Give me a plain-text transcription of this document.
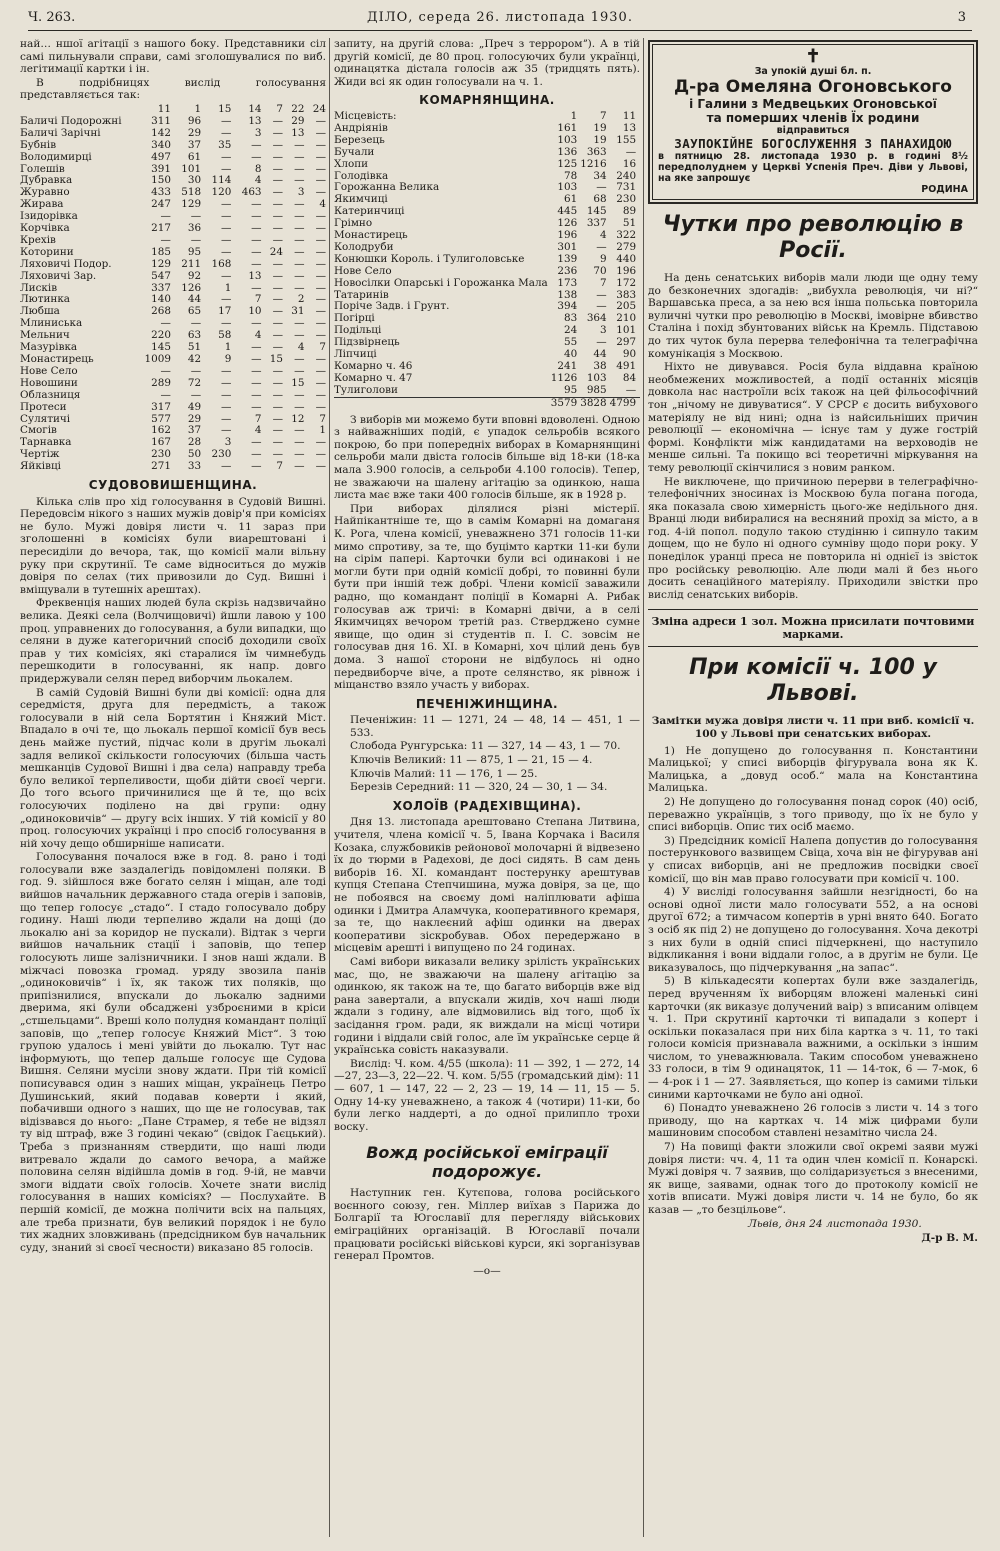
Ч. 263.	ДІЛО, середа 26. листопада 1930.	3

най… ншої агітації з нашого боку. Представники сіл самі пильнували справи, самі зголошувалися по виб. легітимації картки і ін.

В подрібницях вислід голосування представляється так:

	11	1	15	14	7	22	24
Баличі Подорожні	311	96	—	13	—	29	—
Баличі Зарічні	142	29	—	3	—	13	—
Бубнів	340	37	35	—	—	—	—
Володимирці	497	61	—	—	—	—	—
Голешів	391	101	—	8	—	—	—
Дубравка	150	30	114	4	—	—	—
Журавно	433	518	120	463	—	3	—
Жирава	247	129	—	—	—	—	4
Ізидорівка	—	—	—	—	—	—	—
Корчівка	217	36	—	—	—	—	—
Крехів	—	—	—	—	—	—	—
Которини	185	95	—	—	24	—	—
Ляховичі Подор.	129	211	168	—	—	—	—
Ляховичі Зар.	547	92	—	13	—	—	—
Лисків	337	126	1	—	—	—	—
Лютинка	140	44	—	7	—	2	—
Любша	268	65	17	10	—	31	—
Млиниська	—	—	—	—	—	—	—
Мельнич	220	63	58	4	—	—	—
Мазурівка	145	51	1	—	—	4	7
Монастирець	1009	42	9	—	15	—	—
Нове Село	—	—	—	—	—	—	—
Новошини	289	72	—	—	—	15	—
Облазниця	—	—	—	—	—	—	—
Протеси	317	49	—	—	—	—	—
Сулятичі	577	29	—	7	—	12	7
Смогів	162	37	—	4	—	—	1
Тарнавка	167	28	3	—	—	—	—
Чертіж	230	50	230	—	—	—	—
Яйківці	271	33	—	—	7	—	—
СУДОВОВИШЕНЩИНА.

Кілька слів про хід голосування в Судовій Вишні. Передовсім нікого з наших мужів довір'я при комісіях не було. Мужі довіря листи ч. 11 зараз при зголошенні в комісіях були виарештовані і пересиділи до вечора, так, що комісії мали вільну руку при скрутинії. Те саме відноситься до мужів довіря по селах (тих привозили до Суд. Вишні і вміщували в тутешніх арештах).

Фреквенція наших людей була скрізь надзвичайно велика. Деякі села (Волчищовичі) йшли лавою у 100 проц. управнених до голосування, а були випадки, що селяни в дуже категоричний спосіб доходили своїх прав у тих комісіях, які старалися їм чимнебудь перешкодити в голосуванні, як напр. довго придержували селян перед виборчим льокалем.

В самій Судовій Вишні були дві комісії: одна для середмістя, друга для передмість, а також голосували в ній села Бортятин і Княжий Міст. Впадало в очі те, що льокаль першої комісії був весь день майже пустий, підчас коли в другім льокалі задля великої скількости голосуючих (більша часть мешканців Судової Вишні і два села) направду треба було великої терпеливости, щоби дійти своєї черги. До того всього причинилися ще й те, що всіх голосуючих поділено на дві групи: одну „одиноковичів“ — другу всіх інших. У тій комісії у 80 проц. голосуючих українці і про спосіб голосування в ній хочу дещо обширніше написати.

Голосування почалося вже в год. 8. рано і тоді голосували вже заздалегідь повідомлені поляки. В год. 9. зійшлося вже богато селян і міщан, але тоді вийшов начальник державного стада огерів і заповів, що тепер голосує „стадо“. І стадо голосувало добру годину. Наші люди терпеливо ждали на дощі (до льокалю ані за коридор не пускали). Відтак з черги вийшов начальник стації і заповів, що тепер голосують лише залізничники. І знов наші ждали. В міжчасі повозка громад. уряду звозила панів „одиноковичів“ і їх, як також тих поляків, що припізнилися, впускали до льокалю задними дверима, які були обсаджені узброєними в кріси „стшельцами“. Вреші коло полудня командант поліції заповів, що „тепер голосує Княжий Міст“. З тою групою удалось і мені увійти до льокалю. Тут нас інформують, що тепер дальше голосує ще Судова Вишня. Селяни мусіли знову ждати. При тій комісії пописувався один з наших міщан, українець Петро Душинський, який подавав коверти і який, побачивши одного з наших, що ще не голосував, так відізвався до нього: „Пане Страмер, я тебе не відзял ту від штраф, вже 3 годині чекаю“ (свідок Гаєцький). Треба з признанням ствердити, що наші люди витревало ждали до самого вечора, а майже половина селян відійшла домів в год. 9-ій, не мавчи змоги віддати своїх голосів. Хочете знати вислід голосування в наших комісіях? — Послухайте. В першій комісії, де можна полічити всіх на пальцях, але треба признати, був великий порядок і не було тих жадних зловживань (предсідником був начальник суду, знаний зі своєї чесности) виказано 85 голосів.

запиту, на другій слова: „Преч з терроромˮ). А в тій другій комісії, де 80 проц. голосуючих були українці, одинацятка дістала голосів аж 35 (тридцять пять). Жиди всі як один голосували на ч. 1.

КОМАРНЯНЩИНА.
Місцевість:	1	7	11			
Андріянів	161	19	13			
Березець	103	19	155			
Бучали	136	363	—			
Хлопи	125	1216	16			
Голодівка	78	34	240			
Горожанна Велика	103	—	731			
Якимчиці	61	68	230			
Катеринчиці	445	145	89			
Грімно	126	337	51			
Монастирець	196	4	322			
Колодруби	301	—	279			
Конюшки Король. і Тулиголовське	139	9	440			
Нове Село	236	70	196			
Новосілки Опарські і Горожанка Мала	173	7	172			
Татаринів	138	—	383			
Поріче Задв. і Грунт.	394	—	205			
Погірці	83	364	210			
Подільці	24	3	101			
Підзвірнець	55	—	297			
Ліпчиці	40	44	90			
Комарно ч. 46	241	38	491			
Комарно ч. 47	1126	103	84			
Тулиголови	95	985	—			
	3579	3828	4799			

З виборів ми можемо бути вповні вдоволені. Одною з найважніших подій, є упадок сельробів всякого покрою, бо при попередніх виборах в Комарнянщині сельроби мали двіста голосів більше від 18-ки (18-ка мала 3.900 голосів, а сельроби 4.100 голосів). Тепер, не зважаючи на шалену агітацію за одинкою, наша листа має вже таки 400 голосів більше, як в 1928 р.

При виборах ділялися різні містерії. Найпікантніше те, що в самім Комарні на домаганя К. Рога, члена комісії, уневажнено 371 голосів 11-ки мимо спротиву, за те, що буцімто картки 11-ки були на сірім папері. Карточки були всі одинакові і не могли бути при одній комісії добрі, то повинні були бути при іншій теж добрі. Члени комісії заважили радно, що командант поліції в Комарні А. Рибак голосував аж тричі: в Комарні двічи, а в селі Якимчицях вечором третій раз. Стверджено сумне явище, що один зі студентів п. І. С. зовсім не голосував дня 16. XI. в Комарні, хоч цілий день був дома. З нашої сторони не відбулось ні одно передвиборче віче, а проте селянство, як рівнож і міщанство взяло участь у виборах.

ПЕЧЕНІЖИНЩИНА.

Печеніжин: 11 — 1271, 24 — 48, 14 — 451, 1 — 533.

Слобода Рунгурська: 11 — 327, 14 — 43, 1 — 70.

Ключів Великий: 11 — 875, 1 — 21, 15 — 4.

Ключів Малий: 11 — 176, 1 — 25.

Березів Середний: 11 — 320, 24 — 30, 1 — 34.

ХОЛОЇВ (РАДЕХІВЩИНА).

Дня 13. листопада арештовано Степана Литвина, учителя, члена комісії ч. 5, Івана Корчака і Василя Козака, службовиків рейонової молочарні й відвезено їх до тюрми в Радехові, де досі сидять. В сам день виборів 16. XI. командант постерунку арештував купця Степана Степчишина, мужа довіря, за це, що не побоявся на своєму домі наліплювати афіша одинки і Дмитра Аламчука, кооперативного кремаря, за те, що наклеєний афіш одинки на дверах кооперативи зіскробував. Обох передержано в місцевім арешті і випущено по 24 годинах.

Самі вибори виказали велику зрілість українських мас, що, не зважаючи на шалену агітацію за одинкою, як також на те, що багато виборців вже від рана завертали, а впускали жидів, хоч наші люди ждали з годину, але відмовились від того, щоб їх засідання гром. ради, як виждали на місці чотири години і віддали свій голос, але їм українське серце й українська совість наказували.

Вислід: Ч. ком. 4/55 (школа): 11 — 392, 1 — 272, 14—27, 23—3, 22—22. Ч. ком. 5/55 (громадський дім): 11 — 607, 1 — 147, 22 — 2, 23 — 19, 14 — 11, 15 — 5. Одну 14-ку уневажнено, а також 4 (чотири) 11-ки, бо були легко наддерті, а до одної прилипло трохи воску.

Вожд російської еміграції подорожує.

Наступник ген. Кутєпова, голова російського воєнного союзу, ген. Міллер виїхав з Парижа до Болгарії та Югославії для перегляду військових еміграційних організацій. В Югославії почали працювати російські військові курси, які зорганізував генерал Промтов.

—о—
✝
За упокій душі бл. п.
Д-ра Омеляна Огоновського
і Галини з Медвецьких Огоновської
та померших членів Їх родини
відправиться
ЗАУПОКІЙНЕ БОГОСЛУЖЕННЯ З ПАНАХИДОЮ
в пятницю 28. листопада 1930 р. в годині 8½ передполуднем у Церкві Успенія Преч. Діви у Львові, на яке запрошує
РОДИНА
Чутки про революцію в Росії.

На день сенатських виборів мали люди ще одну тему до безконечних здогадів: „вибухла революція, чи ні?“ Варшавська преса, а за нею вся інша польська повторила вуличні чутки про революцію в Москві, імовірне вбивство Сталіна і похід збунтованих військ на Кремль. Підставою до тих чуток була перерва телефонічна та телеграфічна комунікація з Москвою.

Ніхто не дивувався. Росія була віддавна країною необмежених можливостей, а події останніх місяців довкола нас настроїли всіх також на цей фільософічний тон „нічому не дивуватися“. У СРСР є досить вибухового матеріялу не від нині; одна із найсильніших причин революції — економічна — існує там у дуже гострій формі. Конфлікти між кандидатами на верховодів не менше сильні. Та покищо всі теоретичні міркування на тему революції скінчилися з новим ранком.

Не виключене, що причиною перерви в телеграфічно-телефонічних зносинах із Москвою була погана погода, яка показала свою химерність цього-же недільного дня. Вранці люди вибиралися на весняний прохід за місто, а в год. 4-ій попол. подуло такою студінню і сипнуло таким дощем, що не було ні одного сумніву щодо пори року. У понеділок уранці преса не повторила ні однієї із звісток про російську революцію. Але люди малі й без нього досить сенаційного матеріялу. Приходили звістки про вислід сенатських виборів.

Зміна адреси 1 зол. Можна присилати почтовими марками.
При комісії ч. 100 у Львові.
Замітки мужа довіря листи ч. 11 при виб. комісії ч. 100 у Львові при сенатських виборах.

1) Не допущено до голосування п. Константини Малицької; у списі виборців фігурувала вона як К. Малицька, а „довуд особ.“ мала на Константина Малицька.

2) Не допущено до голосування понад сорок (40) осіб, переважно українців, з того приводу, що їх не було у списі виборців. Опис тих осіб маємо.

3) Предсідник комісії Налепа допустив до голосування постерункового вазвищем Свіца, хоча він не фігурував ані у списах виборців, ані не предложив посвідки своєї комісії, що він мав право голосувати при комісії ч. 100.

4) У висліді голосування зайшли незгідності, бо на основі одної листи мало голосувати 552, а на основі другої 672; а тимчасом копертів в урні внято 640. Богато з осіб як під 2) не допущено до голосування. Хоча декотрі з них були в одній списі підчеркнені, що наступило відкликання і вони віддали голос, а в другім не були. Це виказувалось, що підчеркування „на запас“.

5) В кількадесяти копертах були вже заздалегідь, перед врученням їх виборцям вложені маленькі сині карточки (як виказує долучений ваір) з вписаним олівцем ч. 1. При скрутинії карточки ті випадали з коперт і оскільки показалася при них біла картка з ч. 11, то такі голоси комісія признавала важними, а оскільки з іншим числом, то уневажнювала. Таким способом уневажнено 33 голоси, в тім 9 одинацяток, 11 — 14-ток, 6 — 7-мок, 6 — 4-рок і 1 — 27. Заявляється, що копер із самими тільки синими карточками не було ані одної.

6) Понадто уневажнено 26 голосів з листи ч. 14 з того приводу, що на картках ч. 14 між цифрами були машиновим способом ставлені незамітно числа 24.

7) На повищі факти зложили свої окремі заяви мужі довіря листи: чч. 4, 11 та один член комісії п. Конарскі. Мужі довіря ч. 7 заявив, що солідаризується з внесеними, як вище, заявами, однак того до протоколу комісії не хотів вписати. Мужі довіря листи ч. 14 не було, бо як казав — „то безцільове“.

Львів, дня 24 листопада 1930.

Д-р В. М.
